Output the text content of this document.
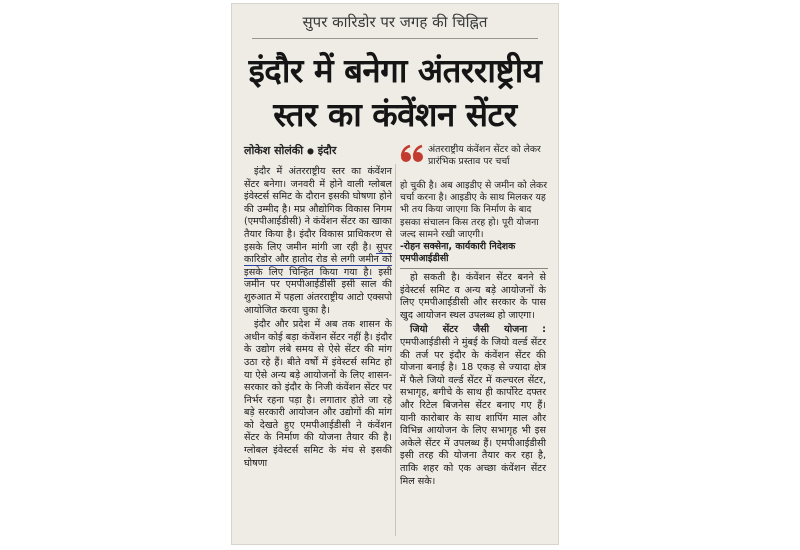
सुपर कारिडोर पर जगह की चिह्नित
इंदौर में बनेगा अंतरराष्ट्रीय
स्तर का कंवेंशन सेंटर
लोकेश सोलंकी ● इंदौर

इंदौर में अंतरराष्ट्रीय स्तर का कंवेंशन सेंटर बनेगा। जनवरी में होने वाली ग्लोबल इंवेस्टर्स समिट के दौरान इसकी घोषणा होने की उम्मीद है। मप्र औद्योगिक विकास निगम (एमपीआईडीसी) ने कंवेंशन सेंटर का खाका तैयार किया है। इंदौर विकास प्राधिकरण से इसके लिए जमीन मांगी जा रही है। सुपर कारिडोर और हातोद रोड से लगी जमीन को इसके लिए चिन्हित किया गया है। इसी जमीन पर एमपीआईडीसी इसी साल की शुरुआत में पहला अंतरराष्ट्रीय आटो एक्सपो आयोजित करवा चुका है।

इंदौर और प्रदेश में अब तक शासन के अधीन कोई बड़ा कंवेंशन सेंटर नहीं है। इंदौर के उद्योग लंबे समय से ऐसे सेंटर की मांग उठा रहे हैं। बीते वर्षों में इंवेस्टर्स समिट हो या ऐसे अन्य बड़े आयोजनों के लिए शासन-सरकार को इंदौर के निजी कंवेंशन सेंटर पर निर्भर रहना पड़ा है। लगातार होते जा रहे बड़े सरकारी आयोजन और उद्योगों की मांग को देखते हुए एमपीआईडीसी ने कंवेंशन सेंटर के निर्माण की योजना तैयार की है। ग्लोबल इंवेस्टर्स समिट के मंच से इसकी घोषणा

अंतरराष्ट्रीय कंवेंशन सेंटर को लेकर प्रारंभिक प्रस्ताव पर चर्चा
हो चुकी है। अब आइडीए से जमीन को लेकर चर्चा करना है। आइडीए के साथ मिलकर यह भी तय किया जाएगा कि निर्माण के बाद इसका संचालन किस तरह हो। पूरी योजना जल्द सामने रखी जाएगी।
-रोहन सक्सेना, कार्यकारी निदेशक एमपीआईडीसी

हो सकती है। कंवेंशन सेंटर बनने से इंवेस्टर्स समिट व अन्य बड़े आयोजनों के लिए एमपीआईडीसी और सरकार के पास खुद आयोजन स्थल उपलब्ध हो जाएगा।

जियो सेंटर जैसी योजना : एमपीआईडीसी ने मुंबई के जियो वर्ल्ड सेंटर की तर्ज पर इंदौर के कंवेंशन सेंटर की योजना बनाई है। 18 एकड़ से ज्यादा क्षेत्र में फैले जियो वर्ल्ड सेंटर में कल्चरल सेंटर, सभागृह, बगीचे के साथ ही कार्पोरेट दफ्तर और रिटेल बिजनेस सेंटर बनाए गए हैं। यानी कारोबार के साथ शापिंग माल और विभिन्न आयोजन के लिए सभागृह भी इस अकेले सेंटर में उपलब्ध हैं। एमपीआईडीसी इसी तरह की योजना तैयार कर रहा है, ताकि शहर को एक अच्छा कंवेंशन सेंटर मिल सके।
